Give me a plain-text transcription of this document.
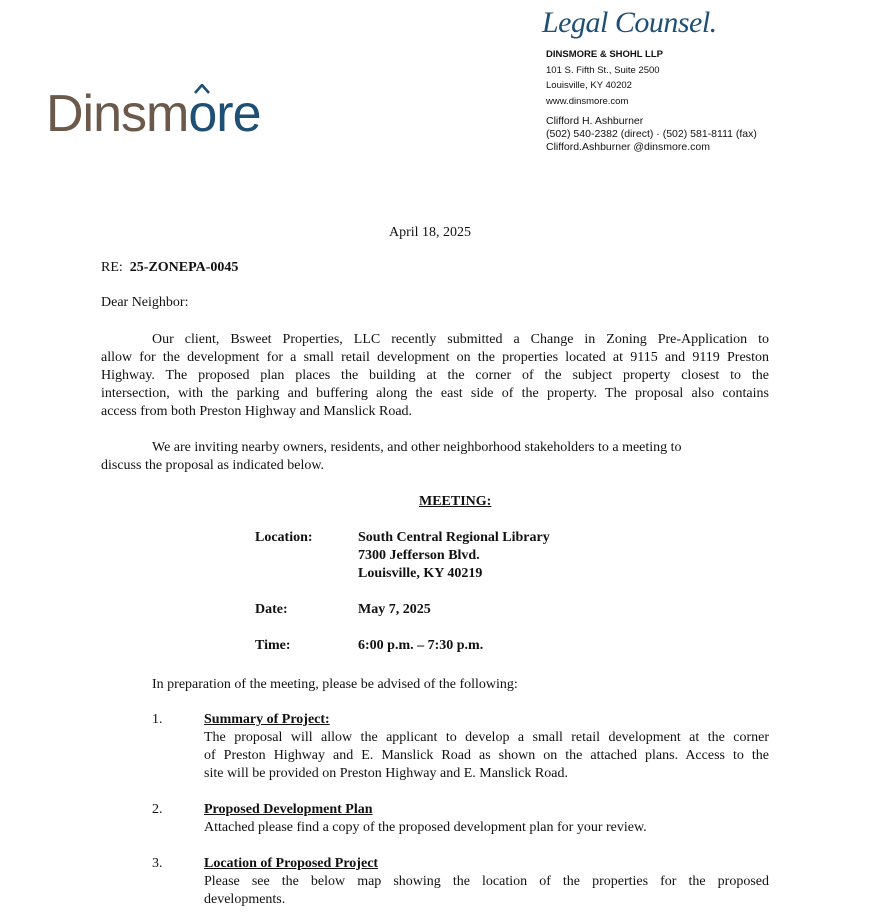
Dinsm
ore
Legal Counsel.
DINSMORE & SHOHL LLP
101 S. Fifth St., Suite 2500
Louisville, KY 40202
www.dinsmore.com
Clifford H. Ashburner
(502) 540-2382 (direct) · (502) 581-8111 (fax)
Clifford.Ashburner @dinsmore.com
April 18, 2025
RE: 25-ZONEPA-0045
Dear Neighbor:
Our client, Bsweet Properties, LLC recently submitted a Change in Zoning Pre-Application to
allow for the development for a small retail development on the properties located at 9115 and 9119 Preston
Highway. The proposed plan places the building at the corner of the subject property closest to the
intersection, with the parking and buffering along the east side of the property. The proposal also contains
access from both Preston Highway and Manslick Road.
We are inviting nearby owners, residents, and other neighborhood stakeholders to a meeting to
discuss the proposal as indicated below.
MEETING:
Location:	South Central Regional Library
7300 Jefferson Blvd.
Louisville, KY 40219
Date:	May 7, 2025
Time:	6:00 p.m. – 7:30 p.m.
In preparation of the meeting, please be advised of the following:
1.	Summary of Project:
The proposal will allow the applicant to develop a small retail development at the corner
of Preston Highway and E. Manslick Road as shown on the attached plans. Access to the
site will be provided on Preston Highway and E. Manslick Road.
2.	Proposed Development Plan
Attached please find a copy of the proposed development plan for your review.
3.	Location of Proposed Project
Please see the below map showing the location of the properties for the proposed
developments.
